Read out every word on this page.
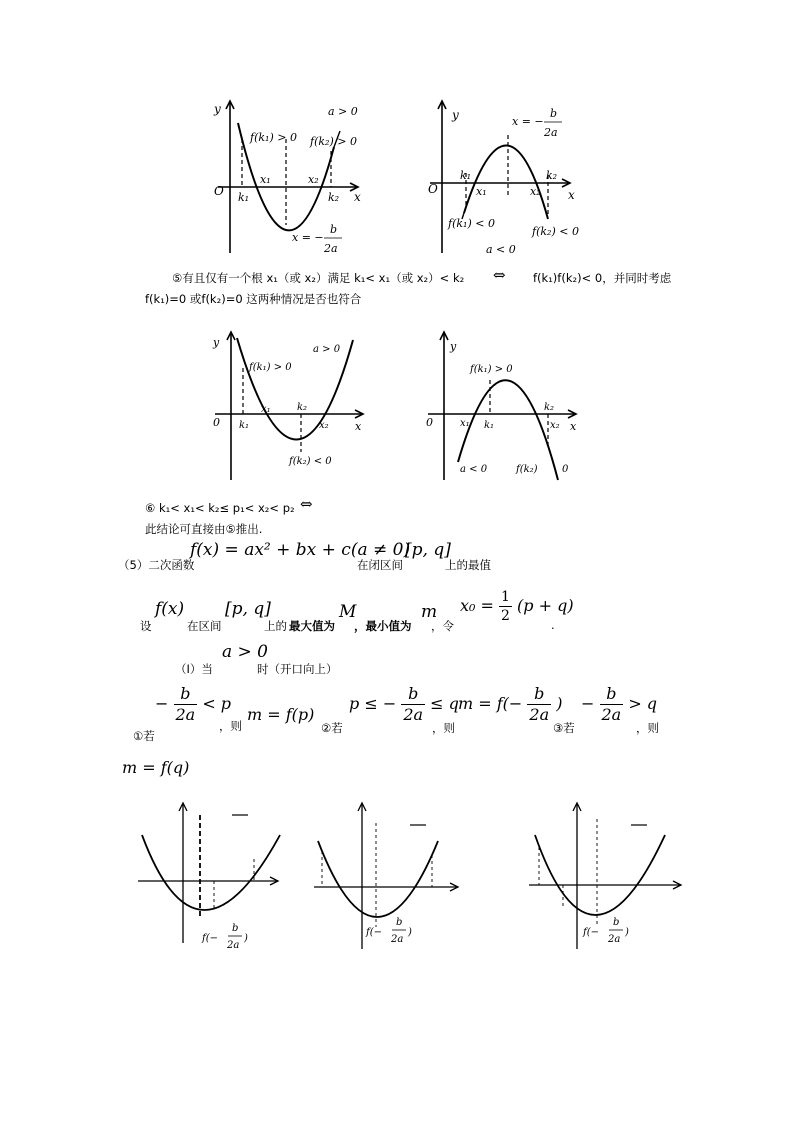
y
x
O
a > 0
f(k₁) > 0 f(k₂) > 0
k₁
x₁	x₂
k₂
x = −
b
2a
y
x
O
x = −
b
2a
k₁
x₁	x₂
k₂
f(k₁) < 0
f(k₂) < 0
a < 0
⑤有且仅有一个根 x₁（或 x₂）满足 k₁< x₁（或 x₂）< k₂ ⇔ f(k₁)f(k₂)< 0，并同时考虑
f(k₁)=0 或f(k₂)=0 这两种情况是否也符合
y
x
0
a > 0
f(k₁) > 0
k₁
x₁	k₂
x₂
f(k₂) < 0
y
x
0
f(k₁) > 0
x₁ k₁
k₂
x₂
a < 0	f(k₂) 0
⑥ k₁< x₁< k₂≤ p₁< x₂< p₂ ⇔
此结论可直接由⑤推出.
（5）二次函数
f(x) = ax² + bx + c(a ≠ 0)
在闭区间
[p, q]
上的最值
设
f(x)
在区间
[p, q]
上的 最大值为
M
，最小值为
m
，令
$x_0 = \frac{1}{2} (p + q)$
.
（Ⅰ）当
a > 0
时（开口向上）
− $\frac{b}{2a} < p$
①若
，则
m = f(p)
②若
p ≤ − $\frac{b}{2a} \le q$
，则
$m = f(- \frac{b}{2a}$ )
③若
− $\frac{b}{2a} > q$
，则
m = f(q)
f(−
b
2a
)
f(−
b
2a
)	f(−
b
2a
)
